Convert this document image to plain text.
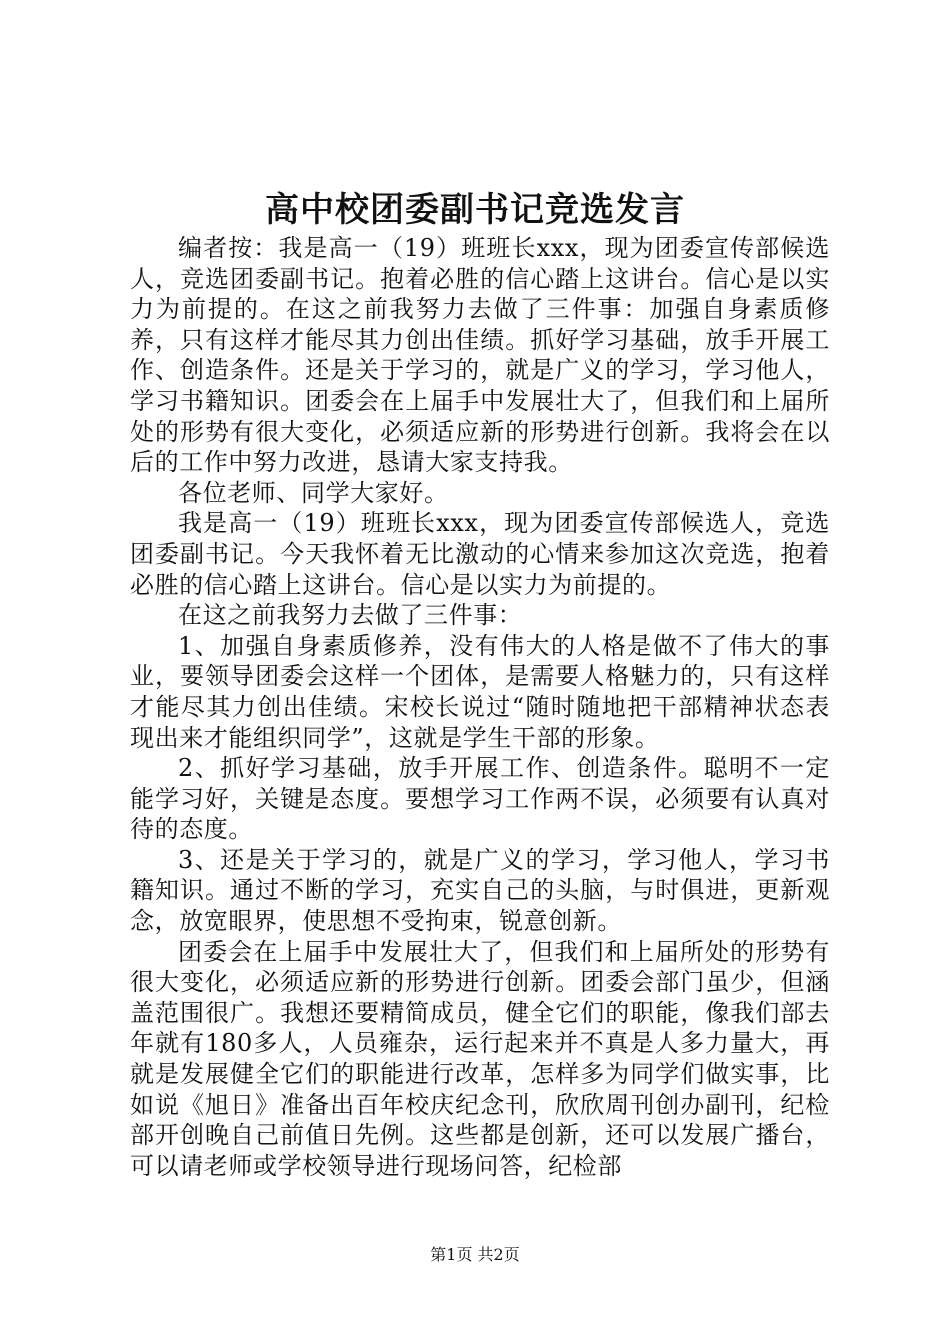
高中校团委副书记竞选发言

编者按：我是高一（19）班班长xxx，现为团委宣传部候选人，竞选团委副书记。抱着必胜的信心踏上这讲台。信心是以实力为前提的。在这之前我努力去做了三件事：加强自身素质修养，只有这样才能尽其力创出佳绩。抓好学习基础，放手开展工作、创造条件。还是关于学习的，就是广义的学习，学习他人，学习书籍知识。团委会在上届手中发展壮大了，但我们和上届所处的形势有很大变化，必须适应新的形势进行创新。我将会在以后的工作中努力改进，恳请大家支持我。

各位老师、同学大家好。

我是高一（19）班班长xxx，现为团委宣传部候选人，竞选团委副书记。今天我怀着无比激动的心情来参加这次竞选，抱着必胜的信心踏上这讲台。信心是以实力为前提的。

在这之前我努力去做了三件事：

1、加强自身素质修养，没有伟大的人格是做不了伟大的事业，要领导团委会这样一个团体，是需要人格魅力的，只有这样才能尽其力创出佳绩。宋校长说过“随时随地把干部精神状态表现出来才能组织同学”，这就是学生干部的形象。

2、抓好学习基础，放手开展工作、创造条件。聪明不一定能学习好，关键是态度。要想学习工作两不误，必须要有认真对待的态度。

3、还是关于学习的，就是广义的学习，学习他人，学习书籍知识。通过不断的学习，充实自己的头脑，与时俱进，更新观念，放宽眼界，使思想不受拘束，锐意创新。

团委会在上届手中发展壮大了，但我们和上届所处的形势有很大变化，必须适应新的形势进行创新。团委会部门虽少，但涵盖范围很广。我想还要精简成员，健全它们的职能，像我们部去年就有180多人，人员雍杂，运行起来并不真是人多力量大，再就是发展健全它们的职能进行改革，怎样多为同学们做实事，比如说《旭日》准备出百年校庆纪念刊，欣欣周刊创办副刊，纪检部开创晚自己前值日先例。这些都是创新，还可以发展广播台，可以请老师或学校领导进行现场问答，纪检部

第1页 共2页
